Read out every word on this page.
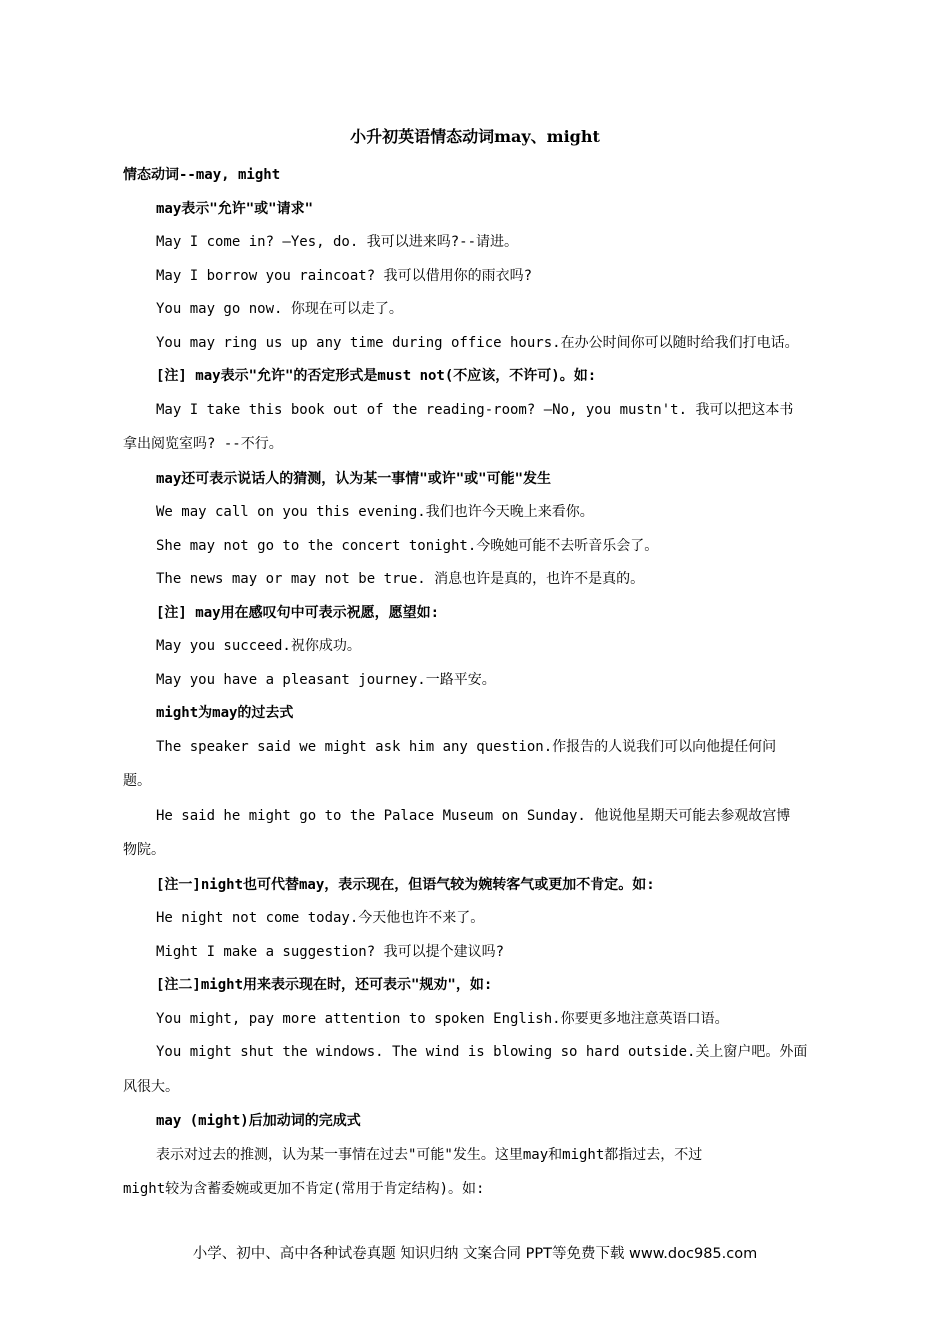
小升初英语情态动词may、might
情态动词--may, might
may表示"允许"或"请求"
May I come in? —Yes, do. 我可以进来吗?--请进。
May I borrow you raincoat? 我可以借用你的雨衣吗?
You may go now. 你现在可以走了。
You may ring us up any time during office hours.在办公时间你可以随时给我们打电话。
[注] may表示"允许"的否定形式是must not(不应该，不许可)。如:
May I take this book out of the reading-room? —No, you mustn't. 我可以把这本书
拿出阅览室吗? --不行。
may还可表示说话人的猜测，认为某一事情"或许"或"可能"发生
We may call on you this evening.我们也许今天晚上来看你。
She may not go to the concert tonight.今晚她可能不去听音乐会了。
The news may or may not be true. 消息也许是真的，也许不是真的。
[注] may用在感叹句中可表示祝愿，愿望如:
May you succeed.祝你成功。
May you have a pleasant journey.一路平安。
might为may的过去式
The speaker said we might ask him any question.作报告的人说我们可以向他提任何问
题。
He said he might go to the Palace Museum on Sunday. 他说他星期天可能去参观故宫博
物院。
[注一]night也可代替may，表示现在，但语气较为婉转客气或更加不肯定。如:
He night not come today.今天他也许不来了。
Might I make a suggestion? 我可以提个建议吗?
[注二]might用来表示现在时，还可表示"规劝"，如:
You might, pay more attention to spoken English.你要更多地注意英语口语。
You might shut the windows. The wind is blowing so hard outside.关上窗户吧。外面
风很大。
may (might)后加动词的完成式
表示对过去的推测，认为某一事情在过去"可能"发生。这里may和might都指过去，不过
might较为含蓄委婉或更加不肯定(常用于肯定结构)。如:
小学、初中、高中各种试卷真题 知识归纳 文案合同 PPT等免费下载 www.doc985.com
